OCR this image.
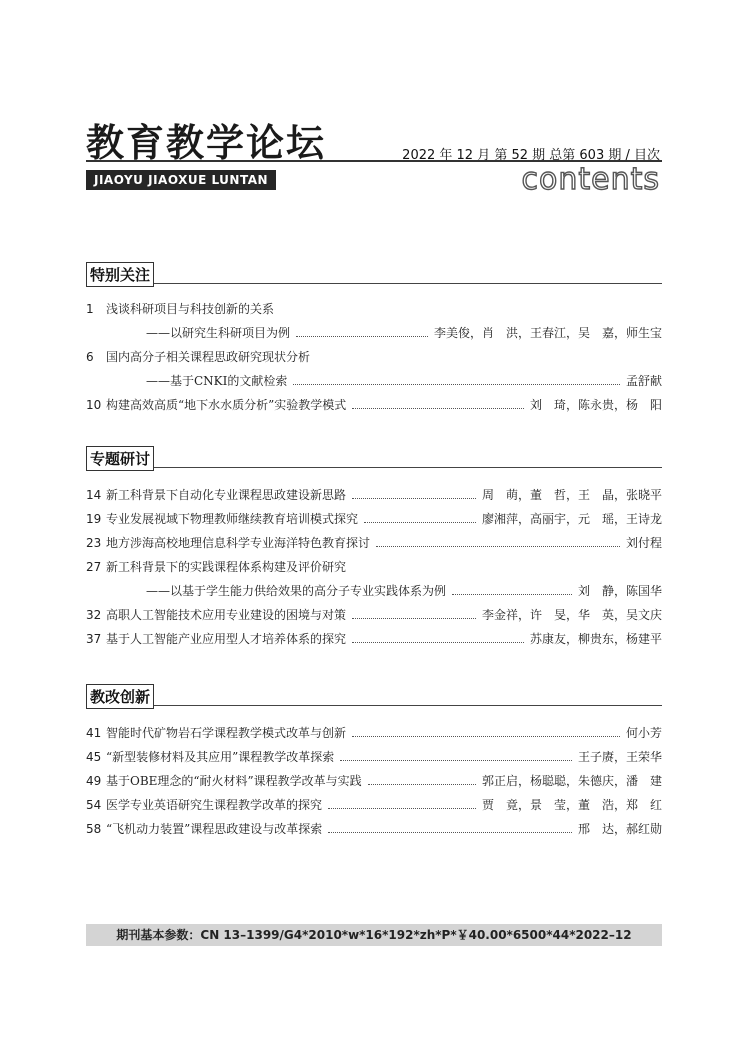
教育教学论坛	2022 年 12 月 第 52 期 总第 603 期 / 目次
JIAOYU JIAOXUE LUNTAN	contents
特别关注
1	浅谈科研项目与科技创新的关系
——以研究生科研项目为例	李美俊，肖　洪，王春江，吴　嘉，师生宝
6	国内高分子相关课程思政研究现状分析
——基于CNKI的文献检索	孟舒献
10 构建高效高质“地下水水质分析”实验教学模式	刘　琦，陈永贵，杨　阳
专题研讨
14 新工科背景下自动化专业课程思政建设新思路	周　萌，董　哲，王　晶，张晓平
19 专业发展视域下物理教师继续教育培训模式探究	廖湘萍，高丽宇，元　瑶，王诗龙
23 地方涉海高校地理信息科学专业海洋特色教育探讨	刘付程
27 新工科背景下的实践课程体系构建及评价研究
——以基于学生能力供给效果的高分子专业实践体系为例	刘　静，陈国华
32 高职人工智能技术应用专业建设的困境与对策	李金祥，许　旻，华　英，吴文庆
37 基于人工智能产业应用型人才培养体系的探究	苏康友，柳贵东，杨建平
教改创新
41 智能时代矿物岩石学课程教学模式改革与创新	何小芳
45 “新型装修材料及其应用”课程教学改革探索	王子赓，王荣华
49 基于OBE理念的“耐火材料”课程教学改革与实践	郭正启，杨聪聪，朱德庆，潘　建
54 医学专业英语研究生课程教学改革的探究	贾　竟，景　莹，董　浩，郑　红
58 “飞机动力装置”课程思政建设与改革探索	邢　达，郝红勋
期刊基本参数：CN 13–1399/G4*2010*w*16*192*zh*P*￥40.00*6500*44*2022–12
